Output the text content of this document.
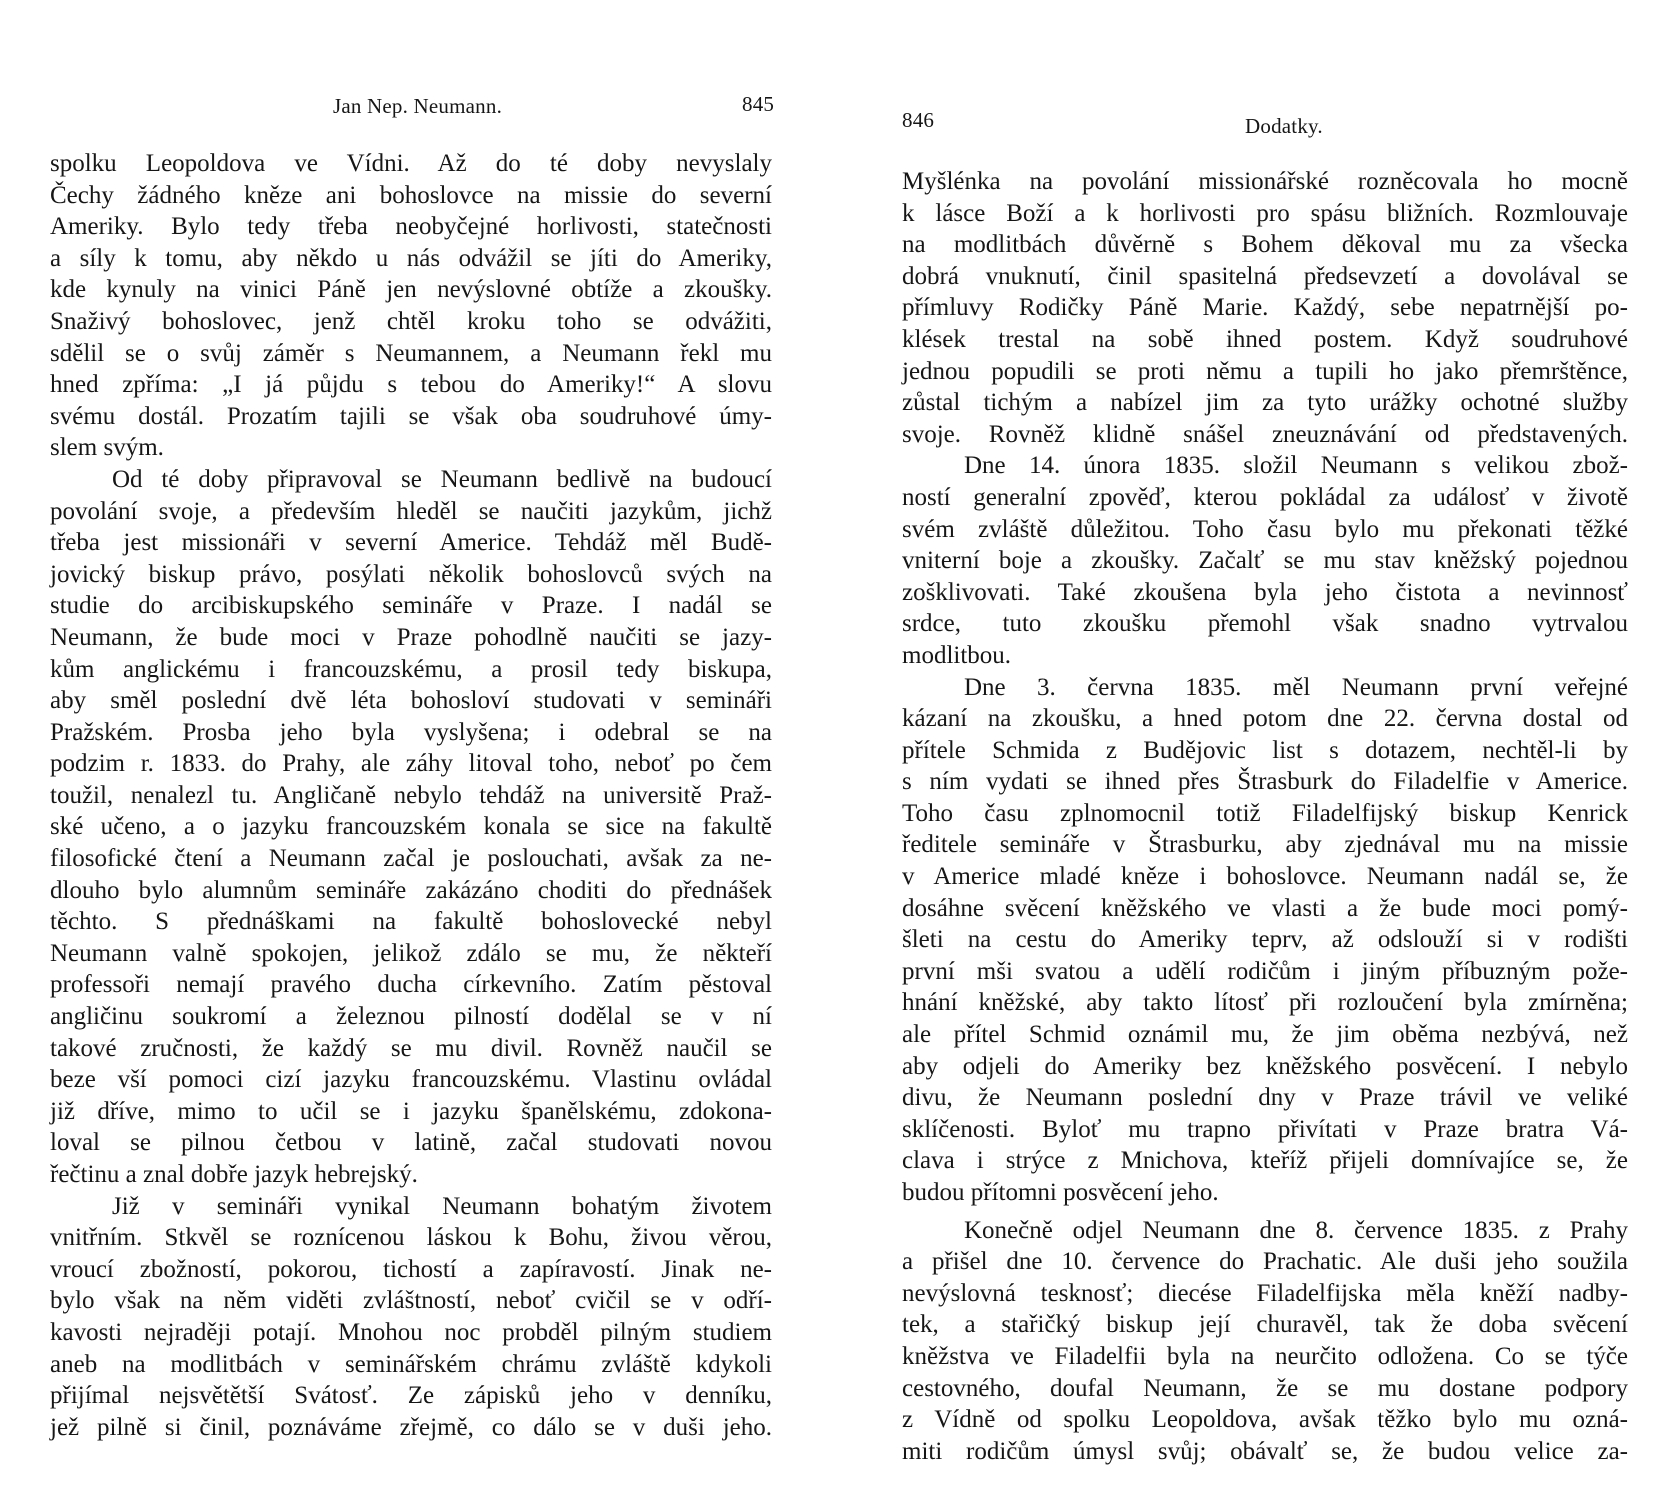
Jan Nep. Neumann.	845
spolku Leopoldova ve Vídni. Až do té doby nevyslaly
Čechy žádného kněze ani bohoslovce na missie do severní
Ameriky. Bylo tedy třeba neobyčejné horlivosti, statečnosti
a síly k tomu, aby někdo u nás odvážil se jíti do Ameriky,
kde kynuly na vinici Páně jen nevýslovné obtíže a zkoušky.
Snaživý bohoslovec, jenž chtěl kroku toho se odvážiti,
sdělil se o svůj záměr s Neumannem, a Neumann řekl mu
hned zpříma: „I já půjdu s tebou do Ameriky!“ A slovu
svému dostál. Prozatím tajili se však oba soudruhové úmy-
slem svým.
Od té doby připravoval se Neumann bedlivě na budoucí
povolání svoje, a především hleděl se naučiti jazykům, jichž
třeba jest missionáři v severní Americe. Tehdáž měl Budě-
jovický biskup právo, posýlati několik bohoslovců svých na
studie do arcibiskupského semináře v Praze. I nadál se
Neumann, že bude moci v Praze pohodlně naučiti se jazy-
kům anglickému i francouzskému, a prosil tedy biskupa,
aby směl poslední dvě léta bohosloví studovati v semináři
Pražském. Prosba jeho byla vyslyšena; i odebral se na
podzim r. 1833. do Prahy, ale záhy litoval toho, neboť po čem
toužil, nenalezl tu. Angličaně nebylo tehdáž na universitě Praž-
ské učeno, a o jazyku francouzském konala se sice na fakultě
filosofické čtení a Neumann začal je poslouchati, avšak za ne-
dlouho bylo alumnům semináře zakázáno choditi do přednášek
těchto. S přednáškami na fakultě bohoslovecké nebyl
Neumann valně spokojen, jelikož zdálo se mu, že někteří
professoři nemají pravého ducha církevního. Zatím pěstoval
angličinu soukromí a železnou pilností dodělal se v ní
takové zručnosti, že každý se mu divil. Rovněž naučil se
beze vší pomoci cizí jazyku francouzskému. Vlastinu ovládal
již dříve, mimo to učil se i jazyku španělskému, zdokona-
loval se pilnou četbou v latině, začal studovati novou
řečtinu a znal dobře jazyk hebrejský.
Již v semináři vynikal Neumann bohatým životem
vnitřním. Stkvěl se roznícenou láskou k Bohu, živou věrou,
vroucí zbožností, pokorou, tichostí a zapíravostí. Jinak ne-
bylo však na něm viděti zvláštností, neboť cvičil se v odří-
kavosti nejraději potají. Mnohou noc probděl pilným studiem
aneb na modlitbách v seminářském chrámu zvláště kdykoli
přijímal nejsvětětší Svátosť. Ze zápisků jeho v denníku,
jež pilně si činil, poznáváme zřejmě, co dálo se v duši jeho.
846	Dodatky.
Myšlénka na povolání missionářské rozněcovala ho mocně
k lásce Boží a k horlivosti pro spásu bližních. Rozmlouvaje
na modlitbách důvěrně s Bohem děkoval mu za všecka
dobrá vnuknutí, činil spasitelná předsevzetí a dovolával se
přímluvy Rodičky Páně Marie. Každý, sebe nepatrnější po-
klések trestal na sobě ihned postem. Když soudruhové
jednou popudili se proti němu a tupili ho jako přemrštěnce,
zůstal tichým a nabízel jim za tyto urážky ochotné služby
svoje. Rovněž klidně snášel zneuznávání od představených.
Dne 14. února 1835. složil Neumann s velikou zbož-
ností generalní zpověď, kterou pokládal za událosť v životě
svém zvláště důležitou. Toho času bylo mu překonati těžké
vniterní boje a zkoušky. Začalť se mu stav kněžský pojednou
zošklivovati. Také zkoušena byla jeho čistota a nevinnosť
srdce, tuto zkoušku přemohl však snadno vytrvalou
modlitbou.
Dne 3. června 1835. měl Neumann první veřejné
kázaní na zkoušku, a hned potom dne 22. června dostal od
přítele Schmida z Budějovic list s dotazem, nechtěl-li by
s ním vydati se ihned přes Štrasburk do Filadelfie v Americe.
Toho času zplnomocnil totiž Filadelfijský biskup Kenrick
ředitele semináře v Štrasburku, aby zjednával mu na missie
v Americe mladé kněze i bohoslovce. Neumann nadál se, že
dosáhne svěcení kněžského ve vlasti a že bude moci pomý-
šleti na cestu do Ameriky teprv, až odslouží si v rodišti
první mši svatou a udělí rodičům i jiným příbuzným pože-
hnání kněžské, aby takto lítosť při rozloučení byla zmírněna;
ale přítel Schmid oznámil mu, že jim oběma nezbývá, než
aby odjeli do Ameriky bez kněžského posvěcení. I nebylo
divu, že Neumann poslední dny v Praze trávil ve veliké
sklíčenosti. Byloť mu trapno přivítati v Praze bratra Vá-
clava i strýce z Mnichova, kteříž přijeli domnívajíce se, že
budou přítomni posvěcení jeho.
Konečně odjel Neumann dne 8. července 1835. z Prahy
a přišel dne 10. července do Prachatic. Ale duši jeho soužila
nevýslovná tesknosť; diecése Filadelfijska měla kněží nadby-
tek, a stařičký biskup její churavěl, tak že doba svěcení
kněžstva ve Filadelfii byla na neurčito odložena. Co se týče
cestovného, doufal Neumann, že se mu dostane podpory
z Vídně od spolku Leopoldova, avšak těžko bylo mu ozná-
miti rodičům úmysl svůj; obávalť se, že budou velice za-
